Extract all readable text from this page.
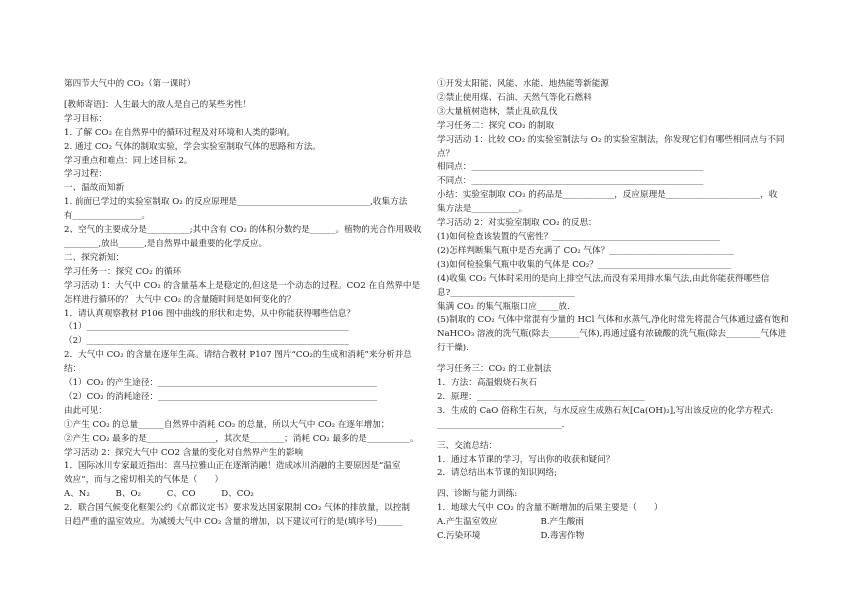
第四节大气中的 CO₂（第一课时）
[教师寄语]：人生最大的敌人是自己的某些劣性！
学习目标：
1. 了解 CO₂ 在自然界中的循环过程及对环境和人类的影响。
2. 通过 CO₂ 气体的制取实验，学会实验室制取气体的思路和方法。
学习重点和难点：同上述目标 2。
学习过程：
一、温故而知新
1. 前面已学过的实验室制取 O₂ 的反应原理是_______________________________,收集方法
有________________。
2、空气的主要成分是__________;其中含有 CO₂ 的体积分数约是______。植物的光合作用吸收
________,放出______,是自然界中最重要的化学反应。
二、探究新知：
学习任务一：探究 CO₂ 的循环
学习活动 1：大气中 CO₂ 的含量基本上是稳定的,但这是一个动态的过程。CO2 在自然界中是
怎样进行循环的？ 大气中 CO₂ 的含量随时间是如何变化的？
1．请认真观察教材 P106 图中曲线的形状和走势，从中你能获得哪些信息？
（1）_____________________________________________________________
（2）_____________________________________________________________
2．大气中 CO₂ 的含量在逐年生高。请结合教材 P107 图片“CO₂的生成和消耗”来分析并总
结：
（1）CO₂ 的产生途径：___________________________________________________
（2）CO₂ 的消耗途径：___________________________________________________
由此可见：
①产生 CO₂ 的总量______自然界中消耗 CO₂ 的总量，所以大气中 CO₂ 在逐年增加；
②产生 CO₂ 最多的是________________，其次是________；消耗 CO₂ 最多的是__________。
学习活动 2：探究大气中 CO2 含量的变化对自然界产生的影响
1．国际冰川专家最近指出：喜马拉雅山正在逐渐消融！造成冰川消融的主要原因是“温室
效应”，而与之密切相关的气体是（　　）
A、N₂　　　B、O₂　　　C、CO　　　D、CO₂
2．联合国气候变化框架公约《京都议定书》要求发达国家限制 CO₂ 气体的排放量，以控制
日趋严重的温室效应。为减缓大气中 CO₂ 含量的增加，以下建议可行的是(填序号)______
①开发太阳能、风能、水能、地热能等新能源
②禁止使用煤、石油、天然气等化石燃料
③大量植树造林，禁止乱砍乱伐
学习任务二：探究 CO₂ 的制取
学习活动 1：比较 CO₂ 的实验室制法与 O₂ 的实验室制法，你发现它们有哪些相同点与不同
点？
相同点：______________________________________________________
不同点：______________________________________________________
小结：实验室制取 CO₂ 的药品是____________，反应原理是______________________，收
集方法是___________。
学习活动 2：对实验室制取 CO₂ 的反思：
(1)如何检查该装置的气密性？_______________________________________
(2)怎样判断集气瓶中是否充满了 CO₂ 气体？_____________________________
(3)如何检验集气瓶中收集的气体是 CO₂？_______________________________
(4)收集 CO₂ 气体时采用的是向上排空气法,而没有采用排水集气法,由此你能获得哪些信
息?_____________________________
集满 CO₂ 的集气瓶瓶口应_____放.
(5)制取的 CO₂ 气体中常混有少量的 HCl 气体和水蒸气,净化时常先将混合气体通过盛有饱和
NaHCO₃ 溶液的洗气瓶(除去_______气体),再通过盛有浓硫酸的洗气瓶(除去________气体进
行干燥).
学习任务三：CO₂ 的工业制法
1．方法：高温煅烧石灰石
2．原理：_______________________________________
3．生成的 CaO 俗称生石灰，与水反应生成熟石灰[Ca(OH)₂],写出该反应的化学方程式:
_____________________________.
三、交流总结：
1．通过本节课的学习，写出你的收获和疑问？
2．请总结出本节课的知识网络;
四、诊断与能力训练:
1．地球大气中 CO₂ 的含量不断增加的后果主要是（　　）
A.产生温室效应　　　　　B.产生酸雨
C.污染环境　　　　　　　D.毒害作物
